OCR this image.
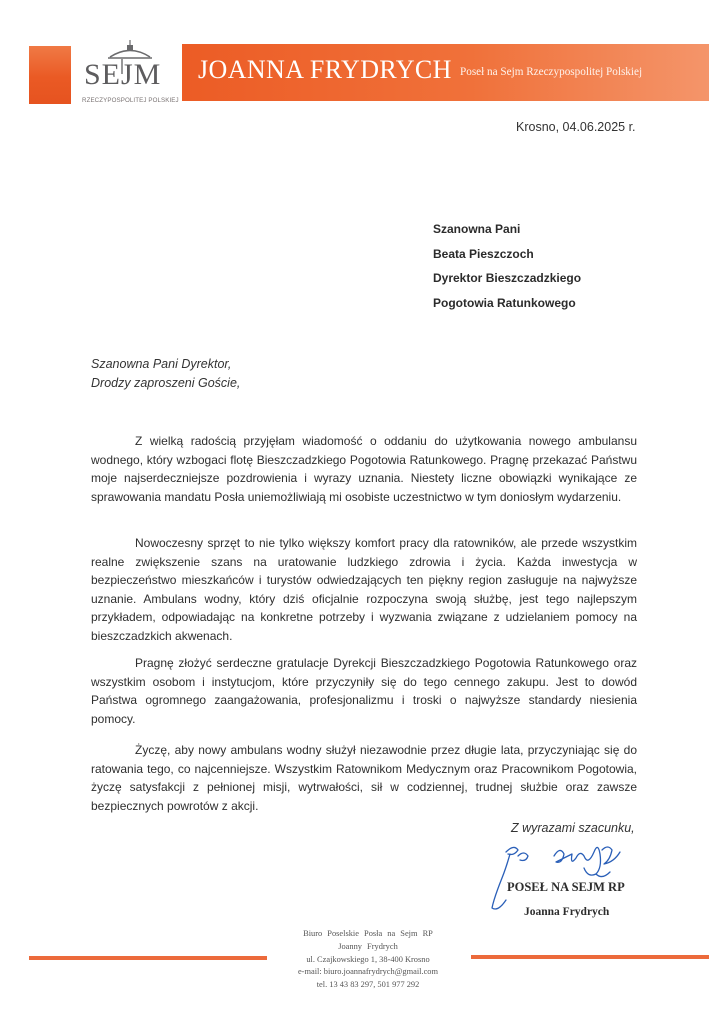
SEJM
RZECZYPOSPOLITEJ POLSKIEJ
JOANNA FRYDRYCH Poseł na Sejm Rzeczypospolitej Polskiej
Krosno, 04.06.2025 r.
Szanowna Pani
Beata Pieszczoch
Dyrektor Bieszczadzkiego
Pogotowia Ratunkowego
Szanowna Pani Dyrektor,
Drodzy zaproszeni Goście,

Z wielką radością przyjęłam wiadomość o oddaniu do użytkowania nowego ambulansu wodnego, który wzbogaci flotę Bieszczadzkiego Pogotowia Ratunkowego. Pragnę przekazać Państwu moje najserdeczniejsze pozdrowienia i wyrazy uznania. Niestety liczne obowiązki wynikające ze sprawowania mandatu Posła uniemożliwiają mi osobiste uczestnictwo w tym doniosłym wydarzeniu.

Nowoczesny sprzęt to nie tylko większy komfort pracy dla ratowników, ale przede wszystkim realne zwiększenie szans na uratowanie ludzkiego zdrowia i życia. Każda inwestycja w bezpieczeństwo mieszkańców i turystów odwiedzających ten piękny region zasługuje na najwyższe uznanie. Ambulans wodny, który dziś oficjalnie rozpoczyna swoją służbę, jest tego najlepszym przykładem, odpowiadając na konkretne potrzeby i wyzwania związane z udzielaniem pomocy na bieszczadzkich akwenach.

Pragnę złożyć serdeczne gratulacje Dyrekcji Bieszczadzkiego Pogotowia Ratunkowego oraz wszystkim osobom i instytucjom, które przyczyniły się do tego cennego zakupu. Jest to dowód Państwa ogromnego zaangażowania, profesjonalizmu i troski o najwyższe standardy niesienia pomocy.

Życzę, aby nowy ambulans wodny służył niezawodnie przez długie lata, przyczyniając się do ratowania tego, co najcenniejsze. Wszystkim Ratownikom Medycznym oraz Pracownikom Pogotowia, życzę satysfakcji z pełnionej misji, wytrwałości, sił w codziennej, trudnej służbie oraz zawsze bezpiecznych powrotów z akcji.

Z wyrazami szacunku,
POSEŁ NA SEJM RP
Joanna Frydrych
Biuro Poselskie Posła na Sejm RP
Joanny Frydrych
ul. Czajkowskiego 1, 38-400 Krosno
e-mail: biuro.joannafrydrych@gmail.com
tel. 13 43 83 297, 501 977 292
